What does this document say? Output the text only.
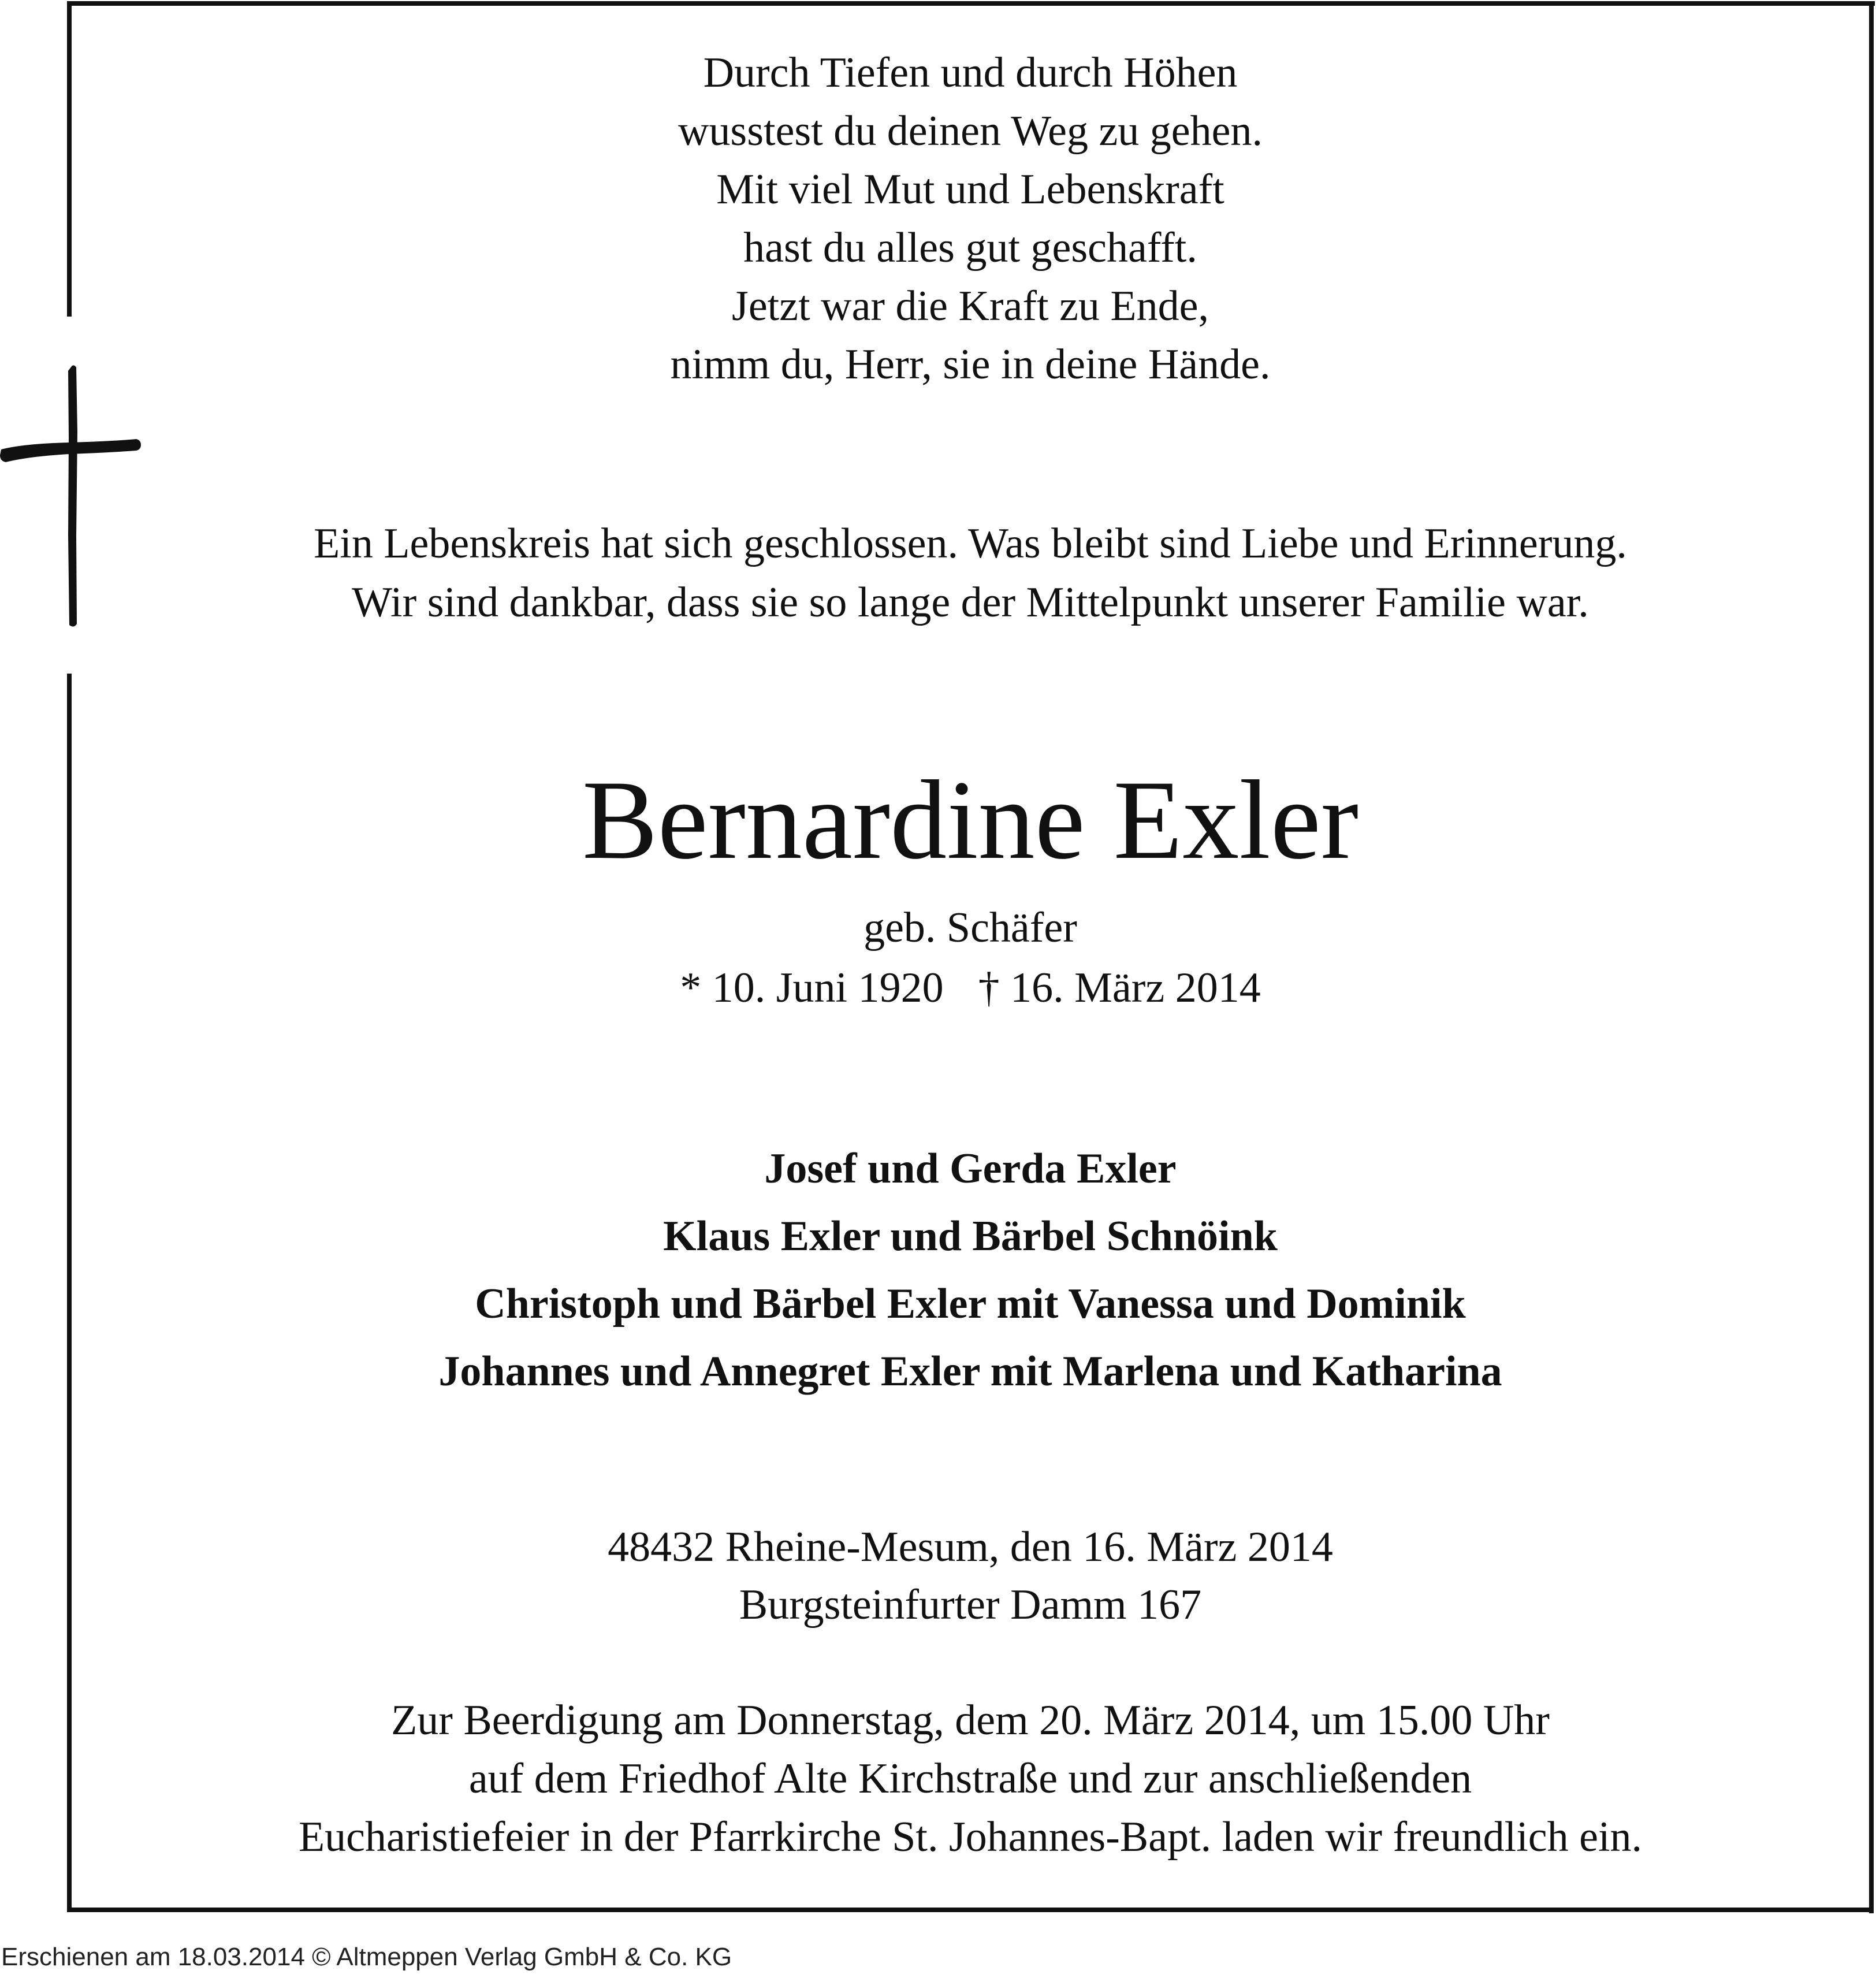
Durch Tiefen und durch Höhen
wusstest du deinen Weg zu gehen.
Mit viel Mut und Lebenskraft
hast du alles gut geschafft.
Jetzt war die Kraft zu Ende,
nimm du, Herr, sie in deine Hände.
Ein Lebenskreis hat sich geschlossen. Was bleibt sind Liebe und Erinnerung.
Wir sind dankbar, dass sie so lange der Mittelpunkt unserer Familie war.
Bernardine Exler
geb. Schäfer
* 10. Juni 1920 † 16. März 2014
Josef und Gerda Exler
Klaus Exler und Bärbel Schnöink
Christoph und Bärbel Exler mit Vanessa und Dominik
Johannes und Annegret Exler mit Marlena und Katharina
48432 Rheine-Mesum, den 16. März 2014
Burgsteinfurter Damm 167
Zur Beerdigung am Donnerstag, dem 20. März 2014, um 15.00 Uhr
auf dem Friedhof Alte Kirchstraße und zur anschließenden
Eucharistiefeier in der Pfarrkirche St. Johannes-Bapt. laden wir freundlich ein.
Erschienen am 18.03.2014 © Altmeppen Verlag GmbH & Co. KG
